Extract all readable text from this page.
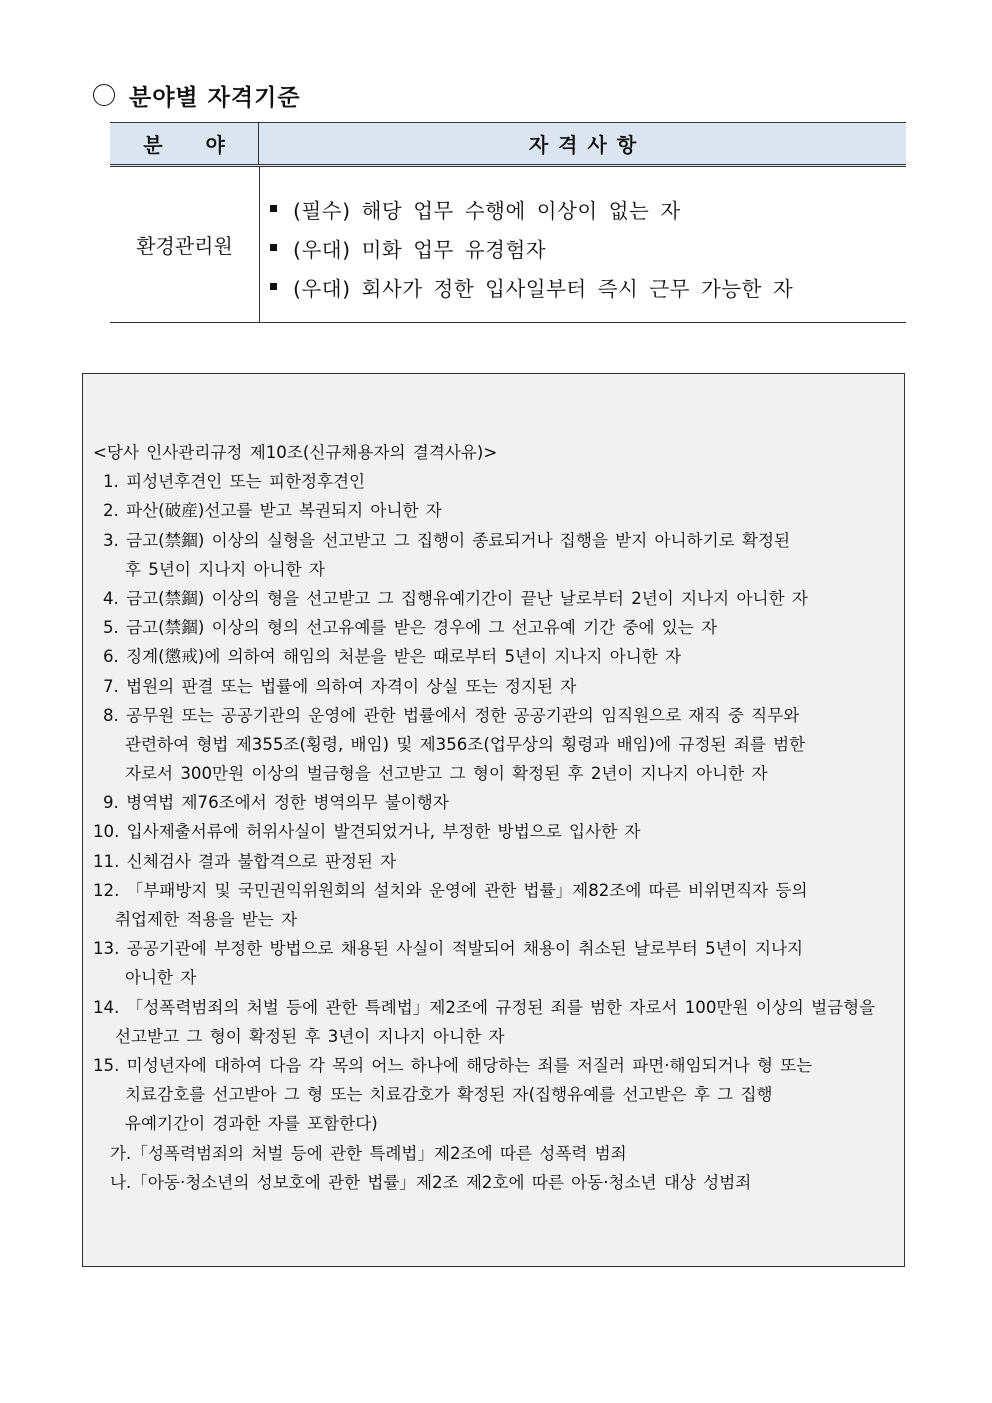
분야별 자격기준
분 야	자격사항
환경관리원
(필수) 해당 업무 수행에 이상이 없는 자
(우대) 미화 업무 유경험자
(우대) 회사가 정한 입사일부터 즉시 근무 가능한 자
<당사 인사관리규정 제10조(신규채용자의 결격사유)>
1. 피성년후견인 또는 피한정후견인
2. 파산(破産)선고를 받고 복권되지 아니한 자
3. 금고(禁錮) 이상의 실형을 선고받고 그 집행이 종료되거나 집행을 받지 아니하기로 확정된
후 5년이 지나지 아니한 자
4. 금고(禁錮) 이상의 형을 선고받고 그 집행유예기간이 끝난 날로부터 2년이 지나지 아니한 자
5. 금고(禁錮) 이상의 형의 선고유예를 받은 경우에 그 선고유예 기간 중에 있는 자
6. 징계(懲戒)에 의하여 해임의 처분을 받은 때로부터 5년이 지나지 아니한 자
7. 법원의 판결 또는 법률에 의하여 자격이 상실 또는 정지된 자
8. 공무원 또는 공공기관의 운영에 관한 법률에서 정한 공공기관의 임직원으로 재직 중 직무와
관련하여 형법 제355조(횡령, 배임) 및 제356조(업무상의 횡령과 배임)에 규정된 죄를 범한
자로서 300만원 이상의 벌금형을 선고받고 그 형이 확정된 후 2년이 지나지 아니한 자
9. 병역법 제76조에서 정한 병역의무 불이행자
10. 입사제출서류에 허위사실이 발견되었거나, 부정한 방법으로 입사한 자
11. 신체검사 결과 불합격으로 판정된 자
12. 「부패방지 및 국민권익위원회의 설치와 운영에 관한 법률」제82조에 따른 비위면직자 등의
취업제한 적용을 받는 자
13. 공공기관에 부정한 방법으로 채용된 사실이 적발되어 채용이 취소된 날로부터 5년이 지나지
아니한 자
14. 「성폭력범죄의 처벌 등에 관한 특례법」제2조에 규정된 죄를 범한 자로서 100만원 이상의 벌금형을
선고받고 그 형이 확정된 후 3년이 지나지 아니한 자
15. 미성년자에 대하여 다음 각 목의 어느 하나에 해당하는 죄를 저질러 파면·해임되거나 형 또는
치료감호를 선고받아 그 형 또는 치료감호가 확정된 자(집행유예를 선고받은 후 그 집행
유예기간이 경과한 자를 포함한다)
가.「성폭력범죄의 처벌 등에 관한 특례법」제2조에 따른 성폭력 범죄
나.「아동·청소년의 성보호에 관한 법률」제2조 제2호에 따른 아동·청소년 대상 성범죄
